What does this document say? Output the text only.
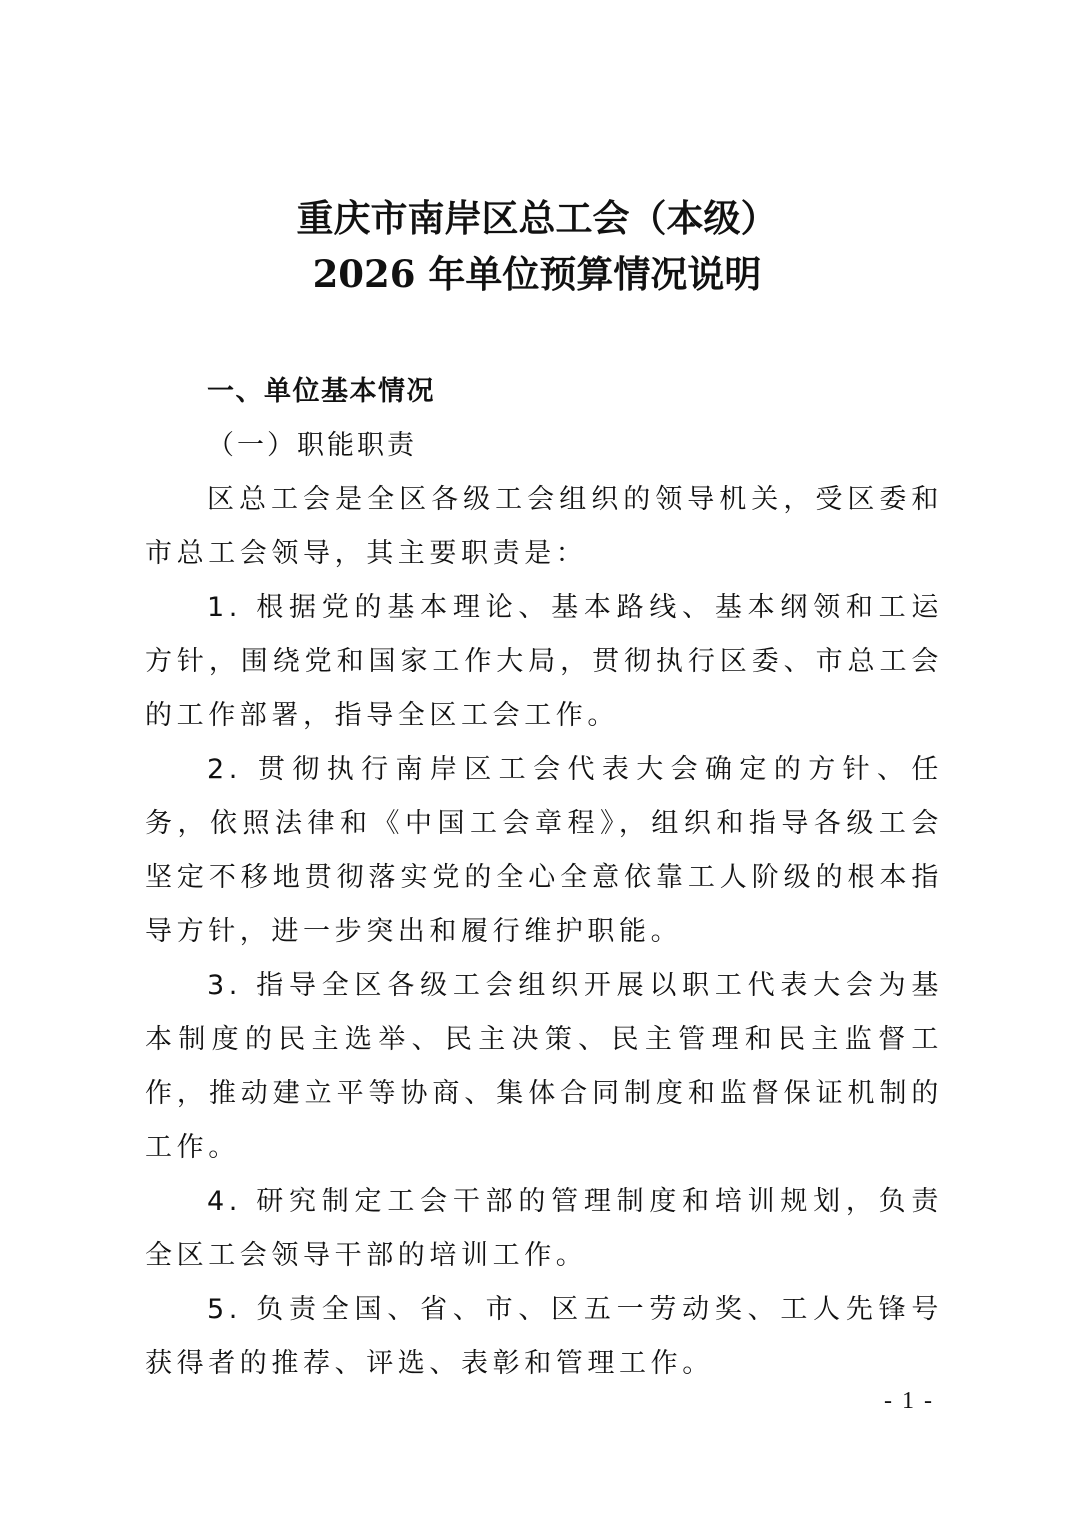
重庆市南岸区总工会（本级）
2026 年单位预算情况说明

一、单位基本情况

（一）职能职责

区总工会是全区各级工会组织的领导机关，受区委和市总工会领导，其主要职责是：

1. 根据党的基本理论、基本路线、基本纲领和工运方针，围绕党和国家工作大局，贯彻执行区委、市总工会的工作部署，指导全区工会工作。

2. 贯彻执行南岸区工会代表大会确定的方针、任务，依照法律和《中国工会章程》，组织和指导各级工会坚定不移地贯彻落实党的全心全意依靠工人阶级的根本指导方针，进一步突出和履行维护职能。

3. 指导全区各级工会组织开展以职工代表大会为基本制度的民主选举、民主决策、民主管理和民主监督工作，推动建立平等协商、集体合同制度和监督保证机制的工作。

4. 研究制定工会干部的管理制度和培训规划，负责全区工会领导干部的培训工作。

5. 负责全国、省、市、区五一劳动奖、工人先锋号获得者的推荐、评选、表彰和管理工作。

- 1 -
